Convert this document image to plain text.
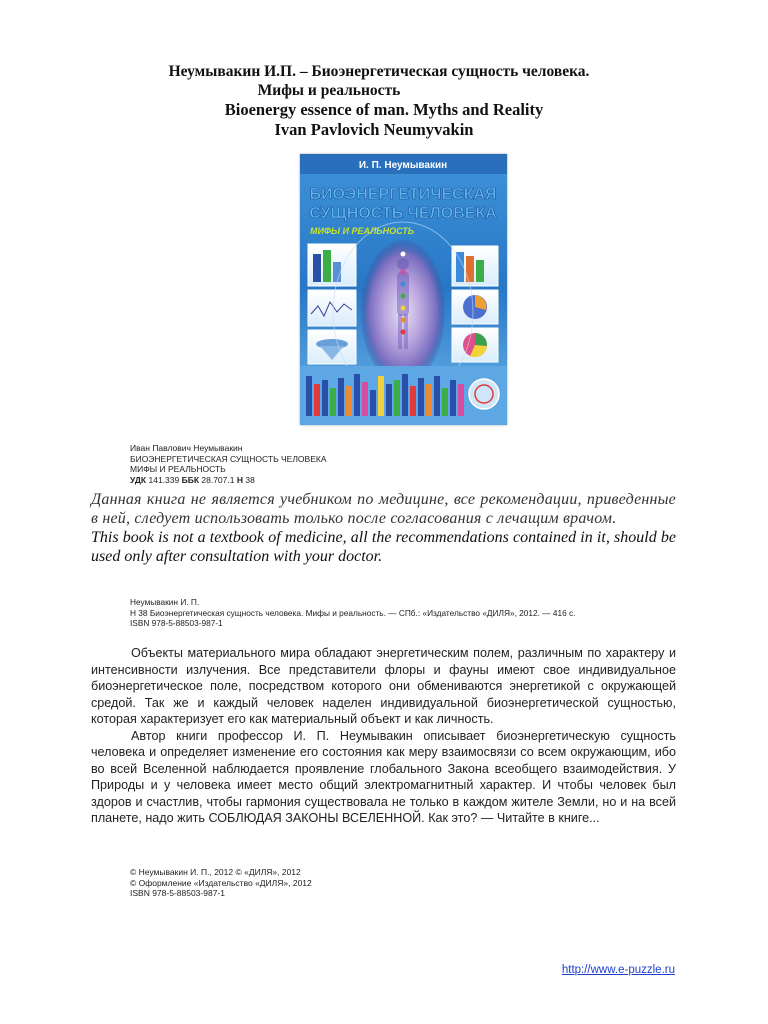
Неумывакин И.П. – Биоэнергетическая сущность человека.
Мифы и реальность
Bioenergy essence of man. Myths and Reality
Ivan Pavlovich Neumyvakin
И. П. Неумывакин
БИОЭНЕРГЕТИЧЕСКАЯ
СУЩНОСТЬ ЧЕЛОВЕКА
МИФЫ И РЕАЛЬНОСТЬ
Иван Павлович Неумывакин
БИОЭНЕРГЕТИЧЕСКАЯ СУЩНОСТЬ ЧЕЛОВЕКА
МИФЫ И РЕАЛЬНОСТЬ
УДК 141.339 ББК 28.707.1 Н 38
Данная книга не является учебником по медицине, все рекомендации, приведенные в ней, следует использовать только после согласования с лечащим врачом.
This book is not a textbook of medicine, all the recommendations contained in it, should be used only after consultation with your doctor.
Неумывакин И. П.
Н 38 Биоэнергетическая сущность человека. Мифы и реальность. — СПб.: «Издательство «ДИЛЯ», 2012. — 416 с.
ISBN 978-5-88503-987-1

Объекты материального мира обладают энергетическим полем, различным по характеру и интенсивности излучения. Все представители флоры и фауны имеют свое индивидуальное биоэнергетическое поле, посредством которого они обмениваются энергетикой с окружающей средой. Так же и каждый человек наделен индивидуальной биоэнергетической сущностью, которая характеризует его как материальный объект и как личность.

Автор книги профессор И. П. Неумывакин описывает биоэнергетическую сущность человека и определяет изменение его состояния как меру взаимосвязи со всем окружающим, ибо во всей Вселенной наблюдается проявление глобального Закона всеобщего взаимодействия. У Природы и у человека имеет место общий электромагнитный характер. И чтобы человек был здоров и счастлив, чтобы гармония существовала не только в каждом жителе Земли, но и на всей планете, надо жить СОБЛЮДАЯ ЗАКОНЫ ВСЕЛЕННОЙ. Как это? — Читайте в книге...

© Неумывакин И. П., 2012 © «ДИЛЯ», 2012
© Оформление «Издательство «ДИЛЯ», 2012
ISBN 978-5-88503-987-1
http://www.e-puzzle.ru
